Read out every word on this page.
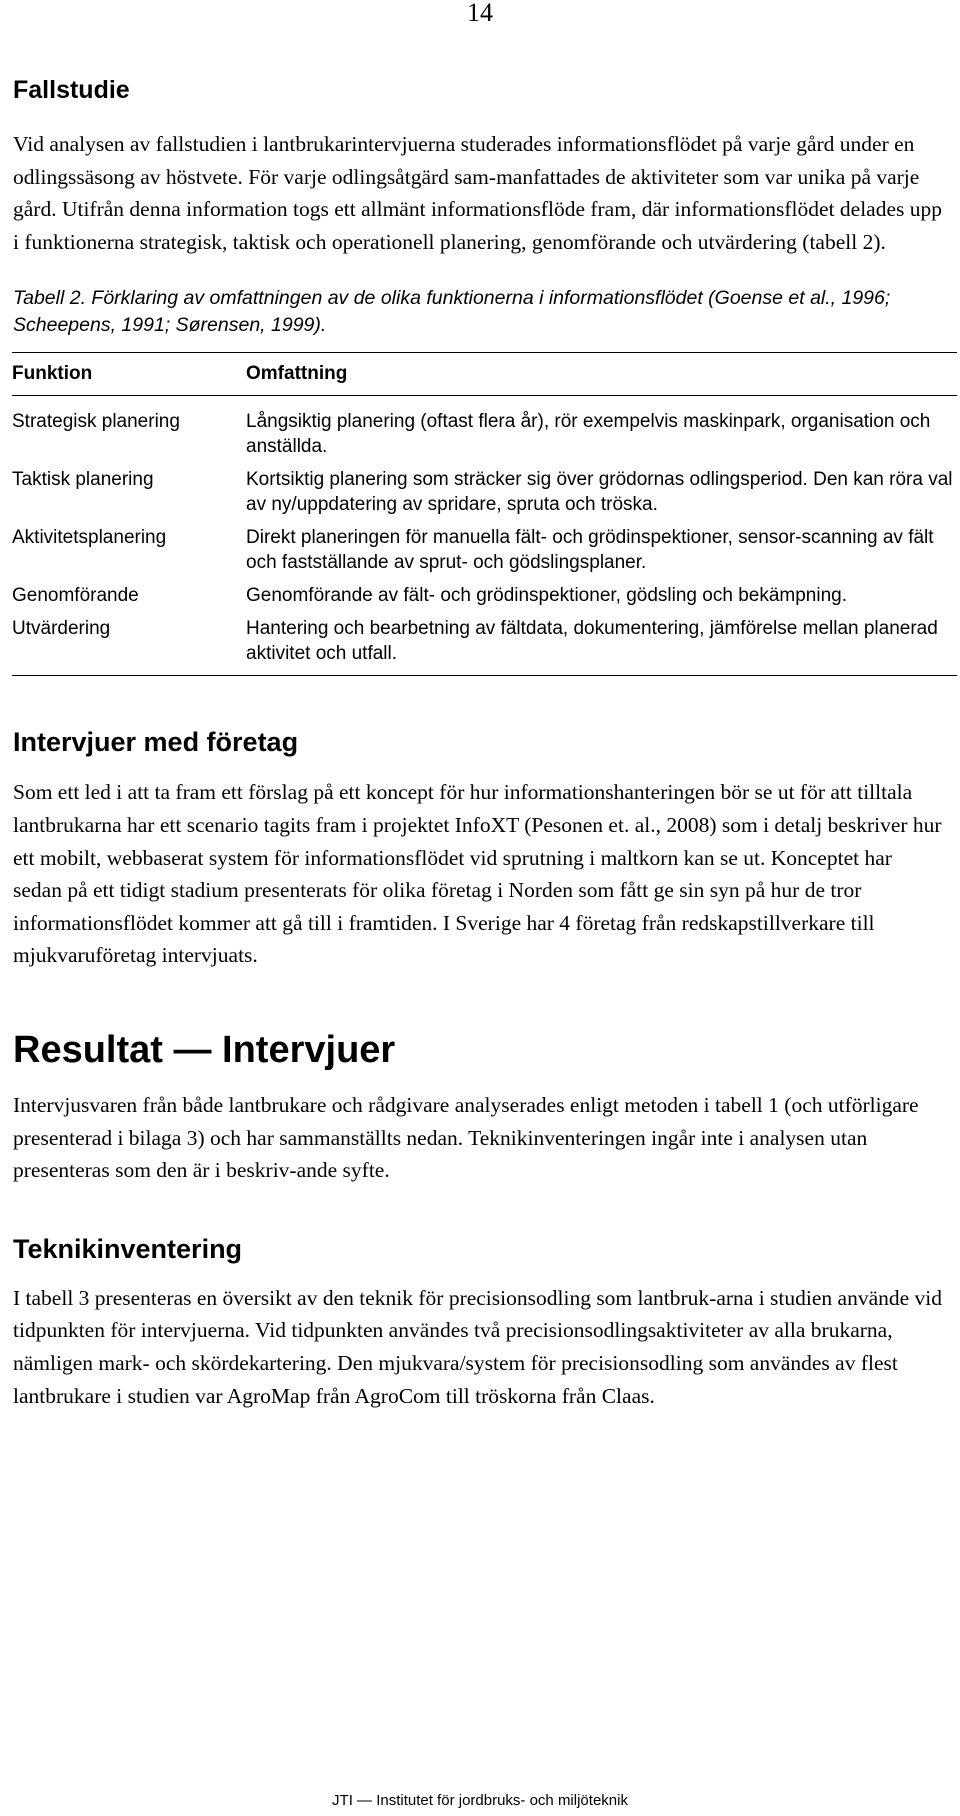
14
Fallstudie

Vid analysen av fallstudien i lantbrukarintervjuerna studerades informationsflödet på varje gård under en odlingssäsong av höstvete. För varje odlingsåtgärd sam-manfattades de aktiviteter som var unika på varje gård. Utifrån denna information togs ett allmänt informationsflöde fram, där informationsflödet delades upp i funktionerna strategisk, taktisk och operationell planering, genomförande och utvärdering (tabell 2).

Tabell 2. Förklaring av omfattningen av de olika funktionerna i informationsflödet (Goense et al., 1996; Scheepens, 1991; Sørensen, 1999).

Funktion	Omfattning
Strategisk planering	Långsiktig planering (oftast flera år), rör exempelvis maskinpark, organisation och anställda.
Taktisk planering	Kortsiktig planering som sträcker sig över grödornas odlingsperiod. Den kan röra val av ny/uppdatering av spridare, spruta och tröska.
Aktivitetsplanering	Direkt planeringen för manuella fält- och grödinspektioner, sensor-scanning av fält och fastställande av sprut- och gödslingsplaner.
Genomförande	Genomförande av fält- och grödinspektioner, gödsling och bekämpning.
Utvärdering	Hantering och bearbetning av fältdata, dokumentering, jämförelse mellan planerad aktivitet och utfall.
Intervjuer med företag

Som ett led i att ta fram ett förslag på ett koncept för hur informationshanteringen bör se ut för att tilltala lantbrukarna har ett scenario tagits fram i projektet InfoXT (Pesonen et. al., 2008) som i detalj beskriver hur ett mobilt, webbaserat system för informationsflödet vid sprutning i maltkorn kan se ut. Konceptet har sedan på ett tidigt stadium presenterats för olika företag i Norden som fått ge sin syn på hur de tror informationsflödet kommer att gå till i framtiden. I Sverige har 4 företag från redskapstillverkare till mjukvaruföretag intervjuats.

Resultat — Intervjuer

Intervjusvaren från både lantbrukare och rådgivare analyserades enligt metoden i tabell 1 (och utförligare presenterad i bilaga 3) och har sammanställts nedan. Teknikinventeringen ingår inte i analysen utan presenteras som den är i beskriv-ande syfte.

Teknikinventering

I tabell 3 presenteras en översikt av den teknik för precisionsodling som lantbruk-arna i studien använde vid tidpunkten för intervjuerna. Vid tidpunkten användes två precisionsodlingsaktiviteter av alla brukarna, nämligen mark- och skördekartering. Den mjukvara/system för precisionsodling som användes av flest lantbrukare i studien var AgroMap från AgroCom till tröskorna från Claas.

JTI — Institutet för jordbruks- och miljöteknik
